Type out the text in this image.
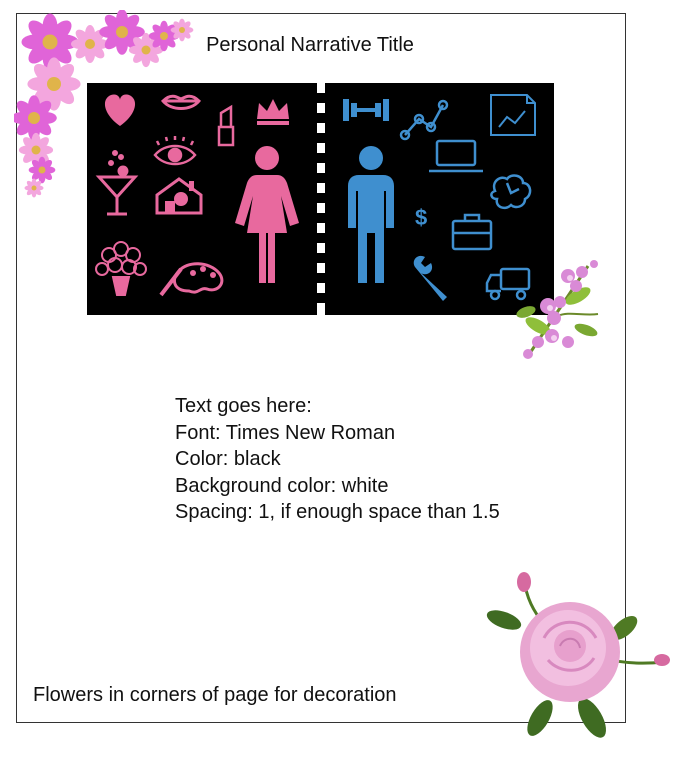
Personal Narrative Title
$
Text goes here:
Font: Times New Roman
Color: black
Background color: white
Spacing: 1, if enough space than 1.5
Flowers in corners of page for decoration
